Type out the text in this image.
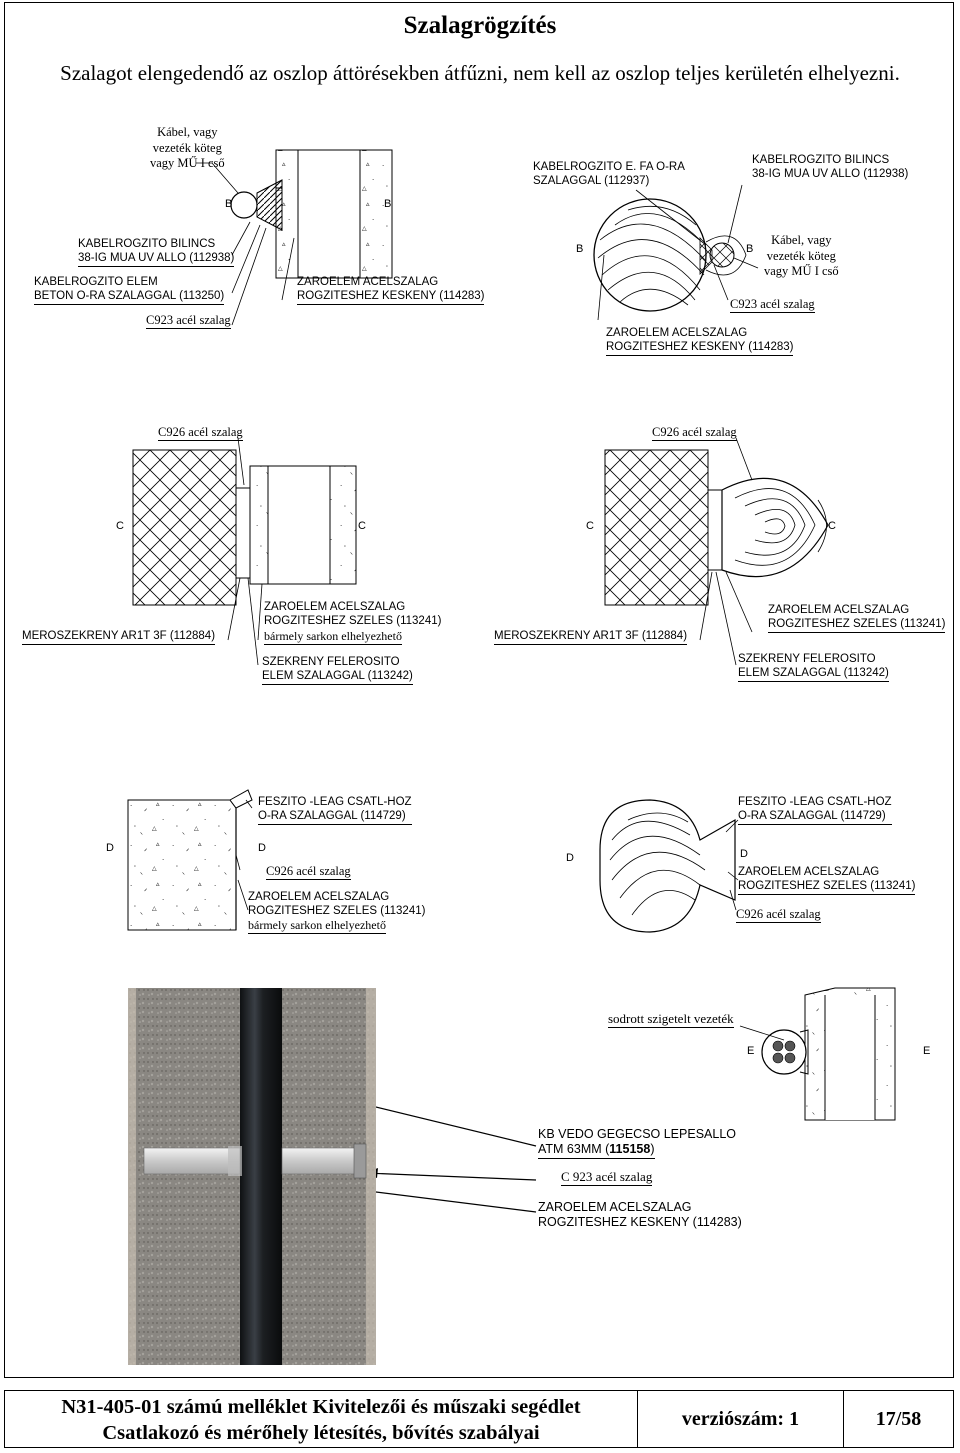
Szalagrögzítés
Szalagot elengedendő az oszlop áttörésekben átfűzni, nem kell az oszlop teljes kerületén elhelyezni.
Kábel, vagy
vezeték köteg
vagy MŰ I cső
B	B
KABELROGZITO BILINCS
38-IG MUA UV ALLO (112938)
KABELROGZITO ELEM
BETON O-RA SZALAGGAL (113250)
C923 acél szalag
ZAROELEM ACELSZALAG
ROGZITESHEZ KESKENY (114283)
KABELROGZITO E. FA O-RA
SZALAGGAL (112937)
KABELROGZITO BILINCS
38-IG MUA UV ALLO (112938)
B	B
Kábel, vagy
vezeték köteg
vagy MŰ I cső
C923 acél szalag
ZAROELEM ACELSZALAG
ROGZITESHEZ KESKENY (114283)
C926 acél szalag	C926 acél szalag
C	C	C	C
MEROSZEKRENY AR1T 3F (112884)
ZAROELEM ACELSZALAG
ROGZITESHEZ SZELES (113241)
bármely sarkon elhelyezhető
SZEKRENY FELEROSITO
ELEM SZALAGGAL (113242)
MEROSZEKRENY AR1T 3F (112884)
ZAROELEM ACELSZALAG
ROGZITESHEZ SZELES (113241)
SZEKRENY FELEROSITO
ELEM SZALAGGAL (113242)
FESZITO -LEAG CSATL-HOZ
O-RA SZALAGGAL (114729)
D	D
C926 acél szalag
ZAROELEM ACELSZALAG
ROGZITESHEZ SZELES (113241)
bármely sarkon elhelyezhető
FESZITO -LEAG CSATL-HOZ
O-RA SZALAGGAL (114729)
D	D
ZAROELEM ACELSZALAG
ROGZITESHEZ SZELES (113241)
C926 acél szalag
sodrott szigetelt vezeték
E	E
KB VEDO GEGECSO LEPESALLO
ATM 63MM (115158)
C 923 acél szalag
ZAROELEM ACELSZALAG
ROGZITESHEZ KESKENY (114283)
N31-405-01 számú melléklet Kivitelezői és műszaki segédlet
Csatlakozó és mérőhely létesítés, bővítés szabályai
verziószám: 1	17/58
